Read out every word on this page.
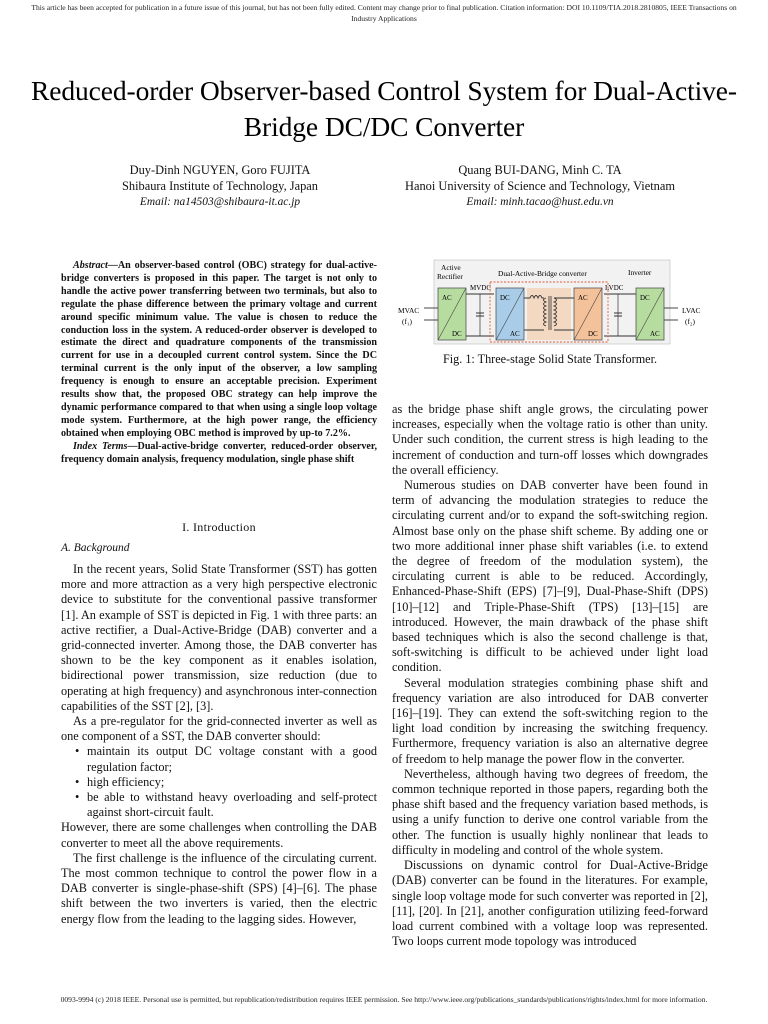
This article has been accepted for publication in a future issue of this journal, but has not been fully edited. Content may change prior to final publication. Citation information: DOI 10.1109/TIA.2018.2810805, IEEE Transactions on Industry Applications
Reduced-order Observer-based Control System for Dual-Active-Bridge DC/DC Converter
Duy-Dinh NGUYEN, Goro FUJITA
Shibaura Institute of Technology, Japan
Email: na14503@shibaura-it.ac.jp
Quang BUI-DANG, Minh C. TA
Hanoi University of Science and Technology, Vietnam
Email: minh.tacao@hust.edu.vn

Abstract—An observer-based control (OBC) strategy for dual-active-bridge converters is proposed in this paper. The target is not only to handle the active power transferring between two terminals, but also to regulate the phase difference between the primary voltage and current around specific minimum value. The value is chosen to reduce the conduction loss in the system. A reduced-order observer is developed to estimate the direct and quadrature components of the transmission current for use in a decoupled current control system. Since the DC terminal current is the only input of the observer, a low sampling frequency is enough to ensure an acceptable precision. Experiment results show that, the proposed OBC strategy can help improve the dynamic performance compared to that when using a single loop voltage mode system. Furthermore, at the high power range, the efficiency obtained when employing OBC method is improved by up-to 7.2%.

Index Terms—Dual-active-bridge converter, reduced-order observer, frequency domain analysis, frequency modulation, single phase shift

I. Introduction
A. Background

In the recent years, Solid State Transformer (SST) has gotten more and more attraction as a very high perspective electronic device to substitute for the conventional passive transformer [1]. An example of SST is depicted in Fig. 1 with three parts: an active rectifier, a Dual-Active-Bridge (DAB) converter and a grid-connected inverter. Among those, the DAB converter has shown to be the key component as it enables isolation, bidirectional power transmission, size reduction (due to operating at high frequency) and asynchronous inter-connection capabilities of the SST [2], [3].

As a pre-regulator for the grid-connected inverter as well as one component of a SST, the DAB converter should:

• maintain its output DC voltage constant with a good regulation factor;
• high efficiency;
• be able to withstand heavy overloading and self-protect against short-circuit fault.

However, there are some challenges when controlling the DAB converter to meet all the above requirements.

The first challenge is the influence of the circulating current. The most common technique to control the power flow in a DAB converter is single-phase-shift (SPS) [4]–[6]. The phase shift between the two inverters is varied, then the electric energy flow from the leading to the lagging sides. However,

Active
Rectifier	Dual-Active-Bridge converter	Inverter
MVAC
(f₁)
LVAC
(f₂)
MVDC	LVDC
AC
DC
DC
AC
AC
DC
DC
AC
Fig. 1: Three-stage Solid State Transformer.

as the bridge phase shift angle grows, the circulating power increases, especially when the voltage ratio is other than unity. Under such condition, the current stress is high leading to the increment of conduction and turn-off losses which downgrades the overall efficiency.

Numerous studies on DAB converter have been found in term of advancing the modulation strategies to reduce the circulating current and/or to expand the soft-switching region. Almost base only on the phase shift scheme. By adding one or two more additional inner phase shift variables (i.e. to extend the degree of freedom of the modulation system), the circulating current is able to be reduced. Accordingly, Enhanced-Phase-Shift (EPS) [7]–[9], Dual-Phase-Shift (DPS) [10]–[12] and Triple-Phase-Shift (TPS) [13]–[15] are introduced. However, the main drawback of the phase shift based techniques which is also the second challenge is that, soft-switching is difficult to be achieved under light load condition.

Several modulation strategies combining phase shift and frequency variation are also introduced for DAB converter [16]–[19]. They can extend the soft-switching region to the light load condition by increasing the switching frequency. Furthermore, frequency variation is also an alternative degree of freedom to help manage the power flow in the converter.

Nevertheless, although having two degrees of freedom, the common technique reported in those papers, regarding both the phase shift based and the frequency variation based methods, is using a unify function to derive one control variable from the other. The function is usually highly nonlinear that leads to difficulty in modeling and control of the whole system.

Discussions on dynamic control for Dual-Active-Bridge (DAB) converter can be found in the literatures. For example, single loop voltage mode for such converter was reported in [2], [11], [20]. In [21], another configuration utilizing feed-forward load current combined with a voltage loop was represented. Two loops current mode topology was introduced

0093-9994 (c) 2018 IEEE. Personal use is permitted, but republication/redistribution requires IEEE permission. See http://www.ieee.org/publications_standards/publications/rights/index.html for more information.
